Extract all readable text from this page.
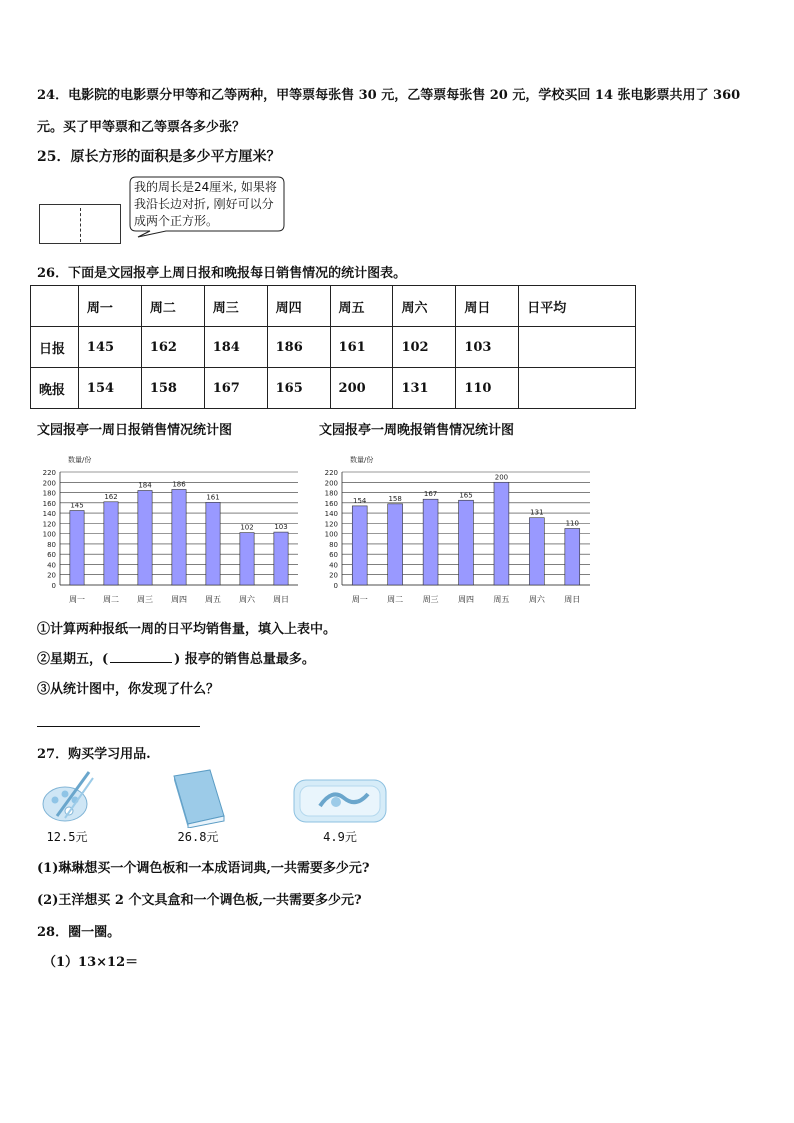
24．电影院的电影票分甲等和乙等两种，甲等票每张售 30 元，乙等票每张售 20 元，学校买回 14 张电影票共用了 360
元。买了甲等票和乙等票各多少张？
25．原长方形的面积是多少平方厘米？
我的周长是24厘米, 如果将我沿长边对折, 刚好可以分成两个正方形。
26．下面是文园报亭上周日报和晚报每日销售情况的统计图表。
	周一	周二	周三	周四	周五	周六	周日	日平均
日报	145	162	184	186	161	102	103	
晚报	154	158	167	165	200	131	110	
文园报亭一周日报销售情况统计图	文园报亭一周晚报销售情况统计图
0
20
40
60
80
100
120
140
160
180
200
220
数量/份
145
周一
162
周二
184
周三
186
周四
161
周五
102
周六
103
周日
0
20
40
60
80
100
120
140
160
180
200
220
数量/份
154
周一
158
周二
167
周三
165
周四
200
周五
131
周六
110
周日
①计算两种报纸一周的日平均销售量，填入上表中。
②星期五，(	) 报亭的销售总量最多。
③从统计图中，你发现了什么？
27．购买学习用品.
12.5元	26.8元	4.9元
(1)琳琳想买一个调色板和一本成语词典,一共需要多少元?
(2)王洋想买 2 个文具盒和一个调色板,一共需要多少元?
28．圈一圈。
（1）13×12＝
